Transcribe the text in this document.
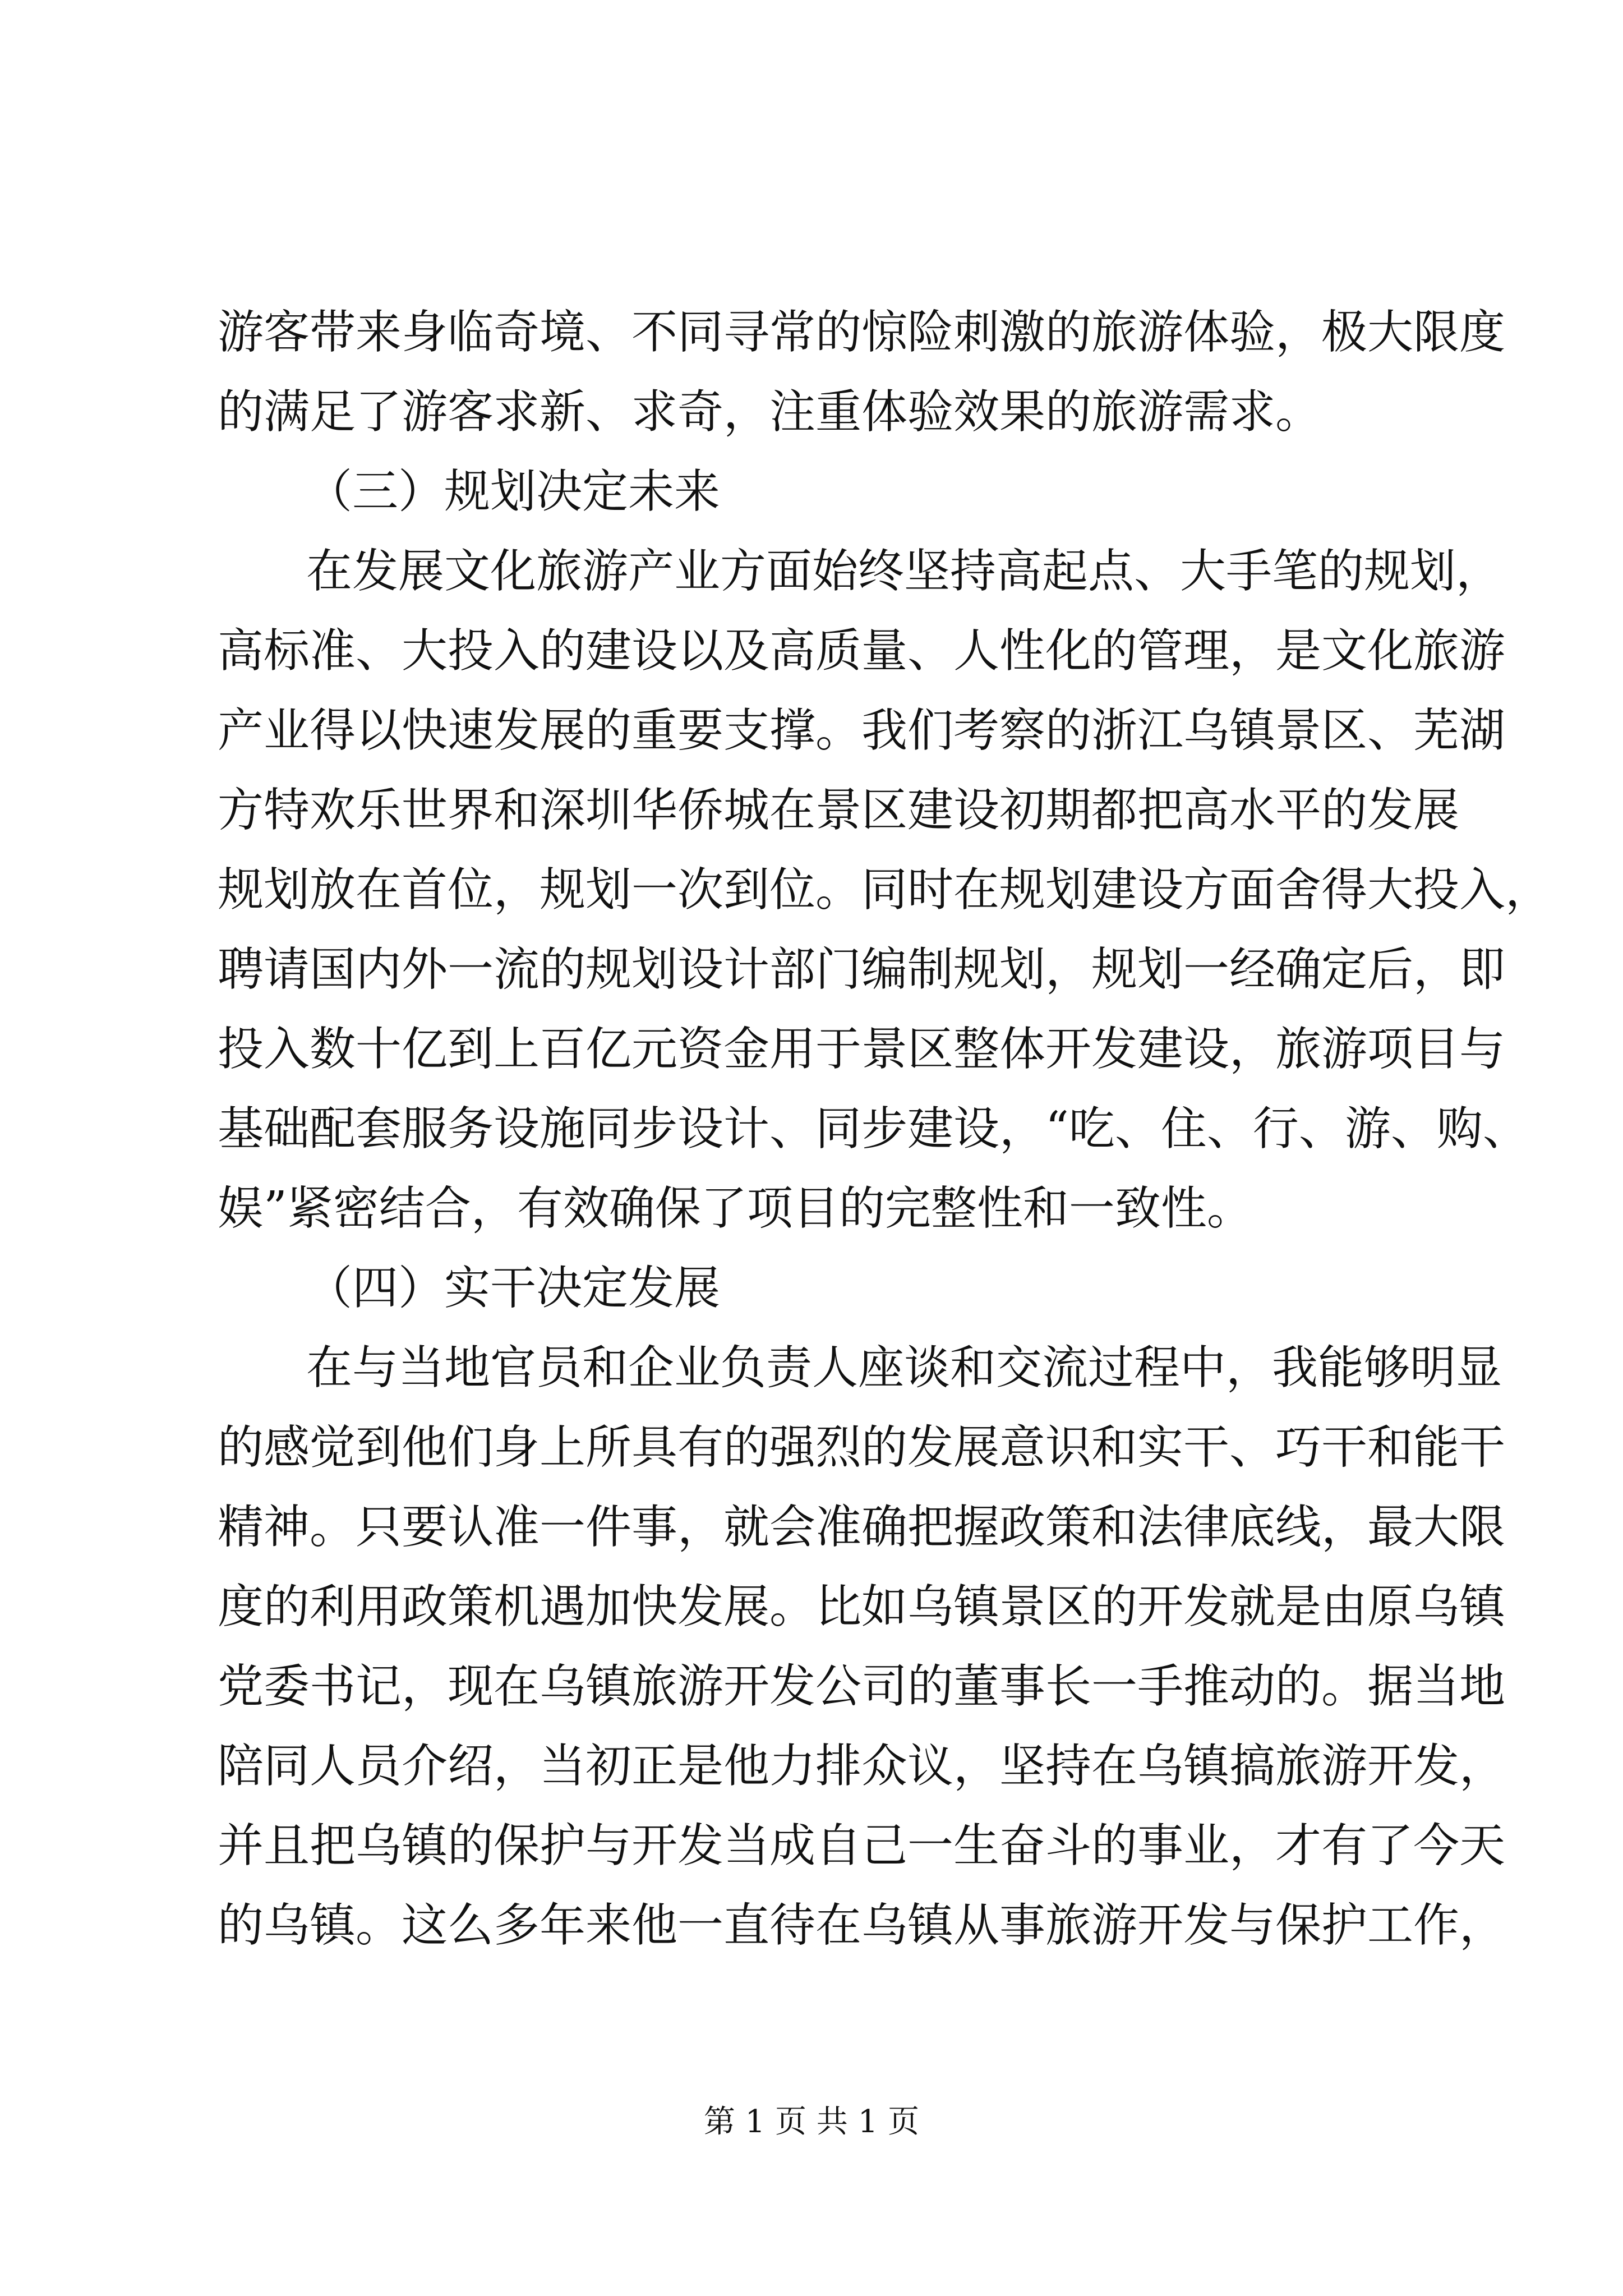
游客带来身临奇境、不同寻常的惊险刺激的旅游体验，极大限度
的满足了游客求新、求奇，注重体验效果的旅游需求。
（三）规划决定未来
在发展文化旅游产业方面始终坚持高起点、大手笔的规划，
高标准、大投入的建设以及高质量、人性化的管理，是文化旅游
产业得以快速发展的重要支撑。我们考察的浙江乌镇景区、芜湖
方特欢乐世界和深圳华侨城在景区建设初期都把高水平的发展
规划放在首位，规划一次到位。同时在规划建设方面舍得大投入，
聘请国内外一流的规划设计部门编制规划，规划一经确定后，即
投入数十亿到上百亿元资金用于景区整体开发建设，旅游项目与
基础配套服务设施同步设计、同步建设，“吃、住、行、游、购、
娱”紧密结合，有效确保了项目的完整性和一致性。
（四）实干决定发展
在与当地官员和企业负责人座谈和交流过程中，我能够明显
的感觉到他们身上所具有的强烈的发展意识和实干、巧干和能干
精神。只要认准一件事，就会准确把握政策和法律底线，最大限
度的利用政策机遇加快发展。比如乌镇景区的开发就是由原乌镇
党委书记，现在乌镇旅游开发公司的董事长一手推动的。据当地
陪同人员介绍，当初正是他力排众议，坚持在乌镇搞旅游开发，
并且把乌镇的保护与开发当成自己一生奋斗的事业，才有了今天
的乌镇。这么多年来他一直待在乌镇从事旅游开发与保护工作，
第 1 页 共 1 页
